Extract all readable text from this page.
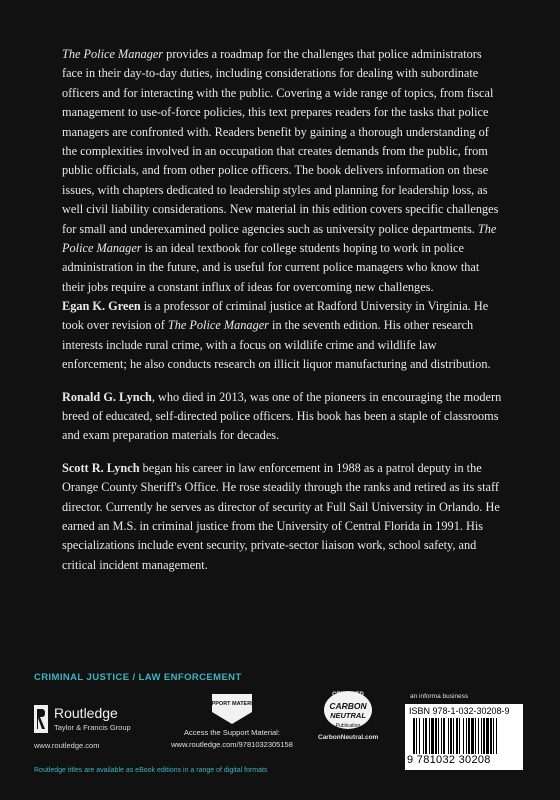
The Police Manager provides a roadmap for the challenges that police administrators face in their day-to-day duties, including considerations for dealing with subordinate officers and for interacting with the public. Covering a wide range of topics, from fiscal management to use-of-force policies, this text prepares readers for the tasks that police managers are confronted with. Readers benefit by gaining a thorough understanding of the complexities involved in an occupation that creates demands from the public, from public officials, and from other police officers. The book delivers information on these issues, with chapters dedicated to leadership styles and planning for leadership loss, as well civil liability considerations. New material in this edition covers specific challenges for small and underexamined police agencies such as university police departments. The Police Manager is an ideal textbook for college students hoping to work in police administration in the future, and is useful for current police managers who know that their jobs require a constant influx of ideas for overcoming new challenges.

Egan K. Green is a professor of criminal justice at Radford University in Virginia. He took over revision of The Police Manager in the seventh edition. His other research interests include rural crime, with a focus on wildlife crime and wildlife law enforcement; he also conducts research on illicit liquor manufacturing and distribution.

Ronald G. Lynch, who died in 2013, was one of the pioneers in encouraging the modern breed of educated, self-directed police officers. His book has been a staple of classrooms and exam preparation materials for decades.

Scott R. Lynch began his career in law enforcement in 1988 as a patrol deputy in the Orange County Sheriff's Office. He rose steadily through the ranks and retired as its staff director. Currently he serves as director of security at Full Sail University in Orlando. He earned an M.S. in criminal justice from the University of Central Florida in 1991. His specializations include event security, private-sector liaison work, school safety, and critical incident management.

CRIMINAL JUSTICE / LAW ENFORCEMENT
Routledge
Taylor & Francis Group
www.routledge.com
Routledge titles are available as eBook editions in a range of digital formats
SUPPORT MATERIAL
Access the Support Material:
www.routledge.com/9781032305158
CERTIFIED
CARBON
NEUTRAL
Publication
CarbonNeutral.com
an informa business
ISBN 978-1-032-30208-9
9 781032 30208
